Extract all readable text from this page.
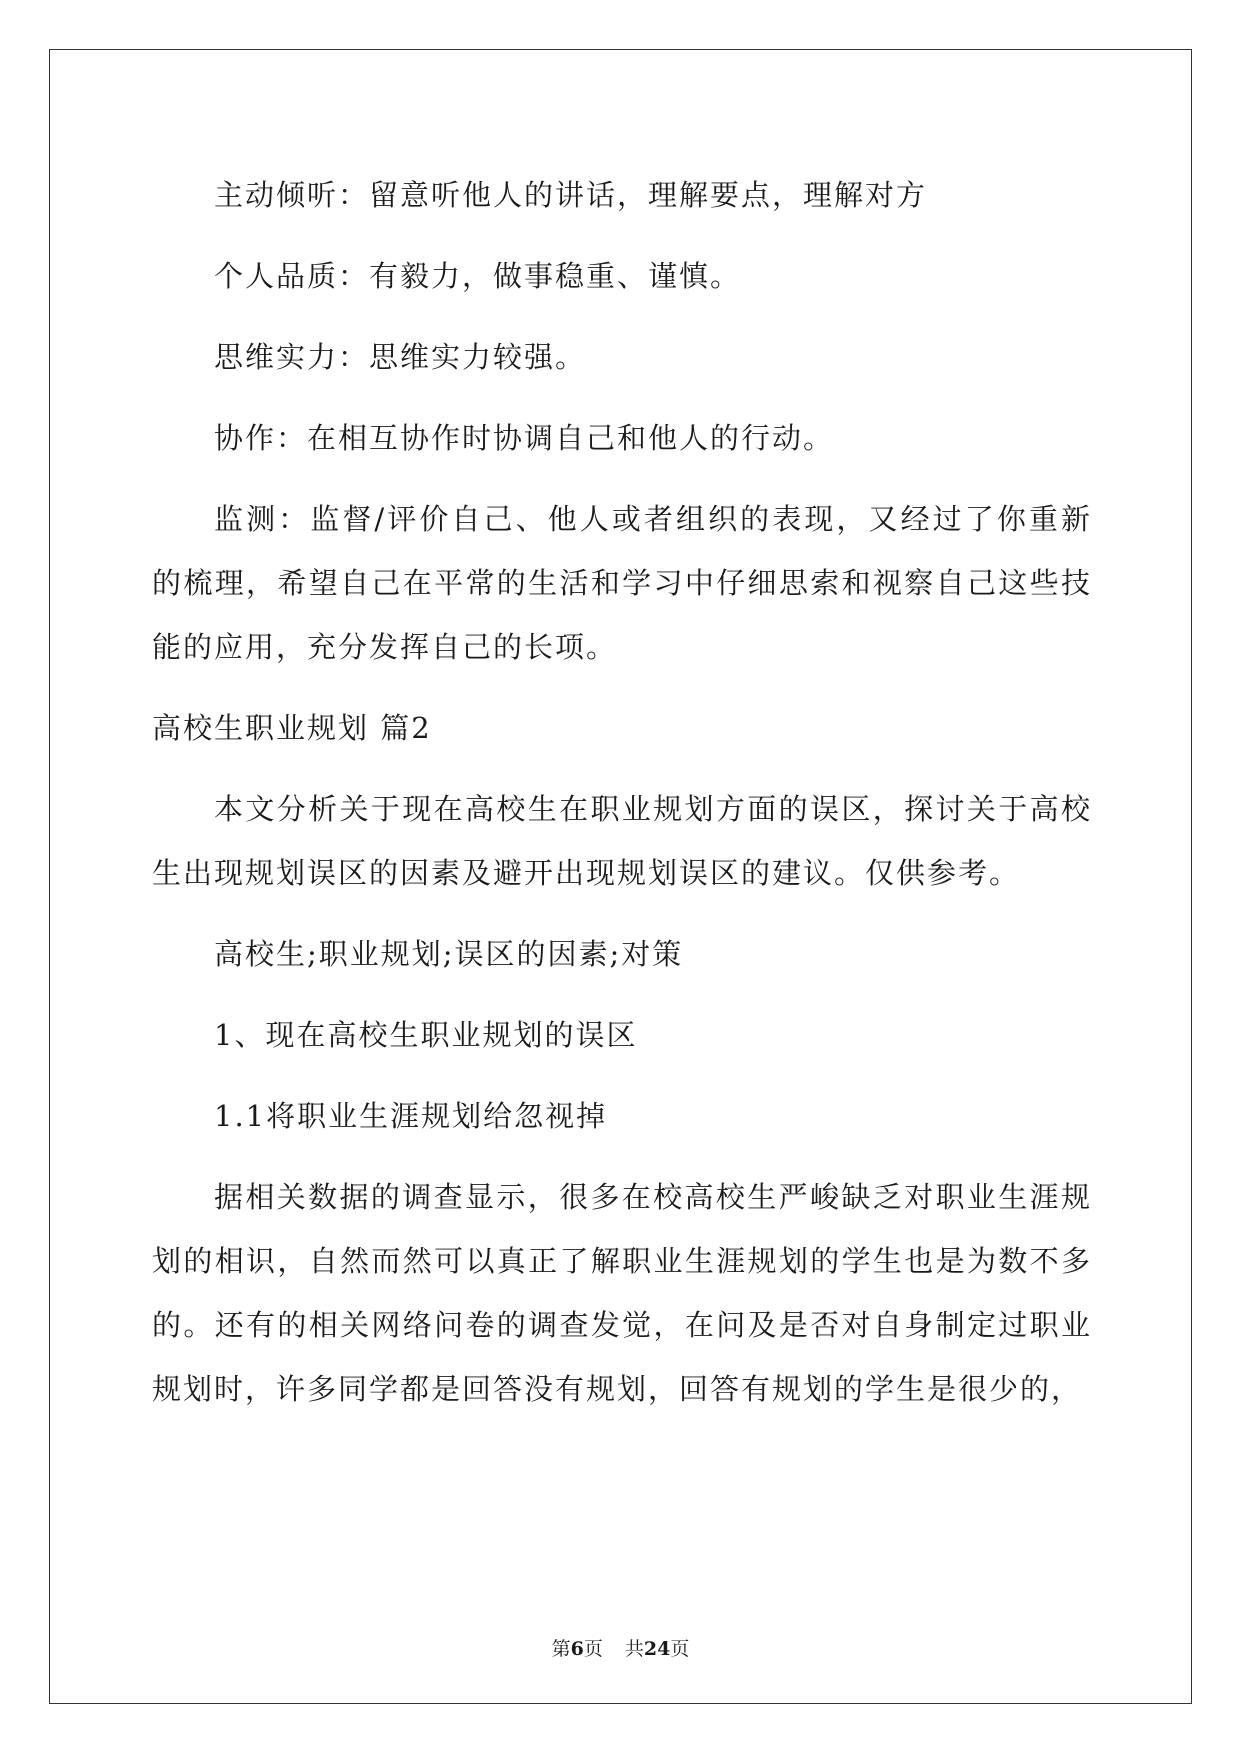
主动倾听：留意听他人的讲话，理解要点，理解对方

个人品质：有毅力，做事稳重、谨慎。

思维实力：思维实力较强。

协作：在相互协作时协调自己和他人的行动。

监测：监督/评价自己、他人或者组织的表现，又经过了你重新的梳理，希望自己在平常的生活和学习中仔细思索和视察自己这些技能的应用，充分发挥自己的长项。

高校生职业规划 篇2

本文分析关于现在高校生在职业规划方面的误区，探讨关于高校生出现规划误区的因素及避开出现规划误区的建议。仅供参考。

高校生;职业规划;误区的因素;对策

1、现在高校生职业规划的误区

1.1将职业生涯规划给忽视掉

据相关数据的调查显示，很多在校高校生严峻缺乏对职业生涯规划的相识，自然而然可以真正了解职业生涯规划的学生也是为数不多的。还有的相关网络问卷的调查发觉，在问及是否对自身制定过职业规划时，许多同学都是回答没有规划，回答有规划的学生是很少的，

第6页 共24页
